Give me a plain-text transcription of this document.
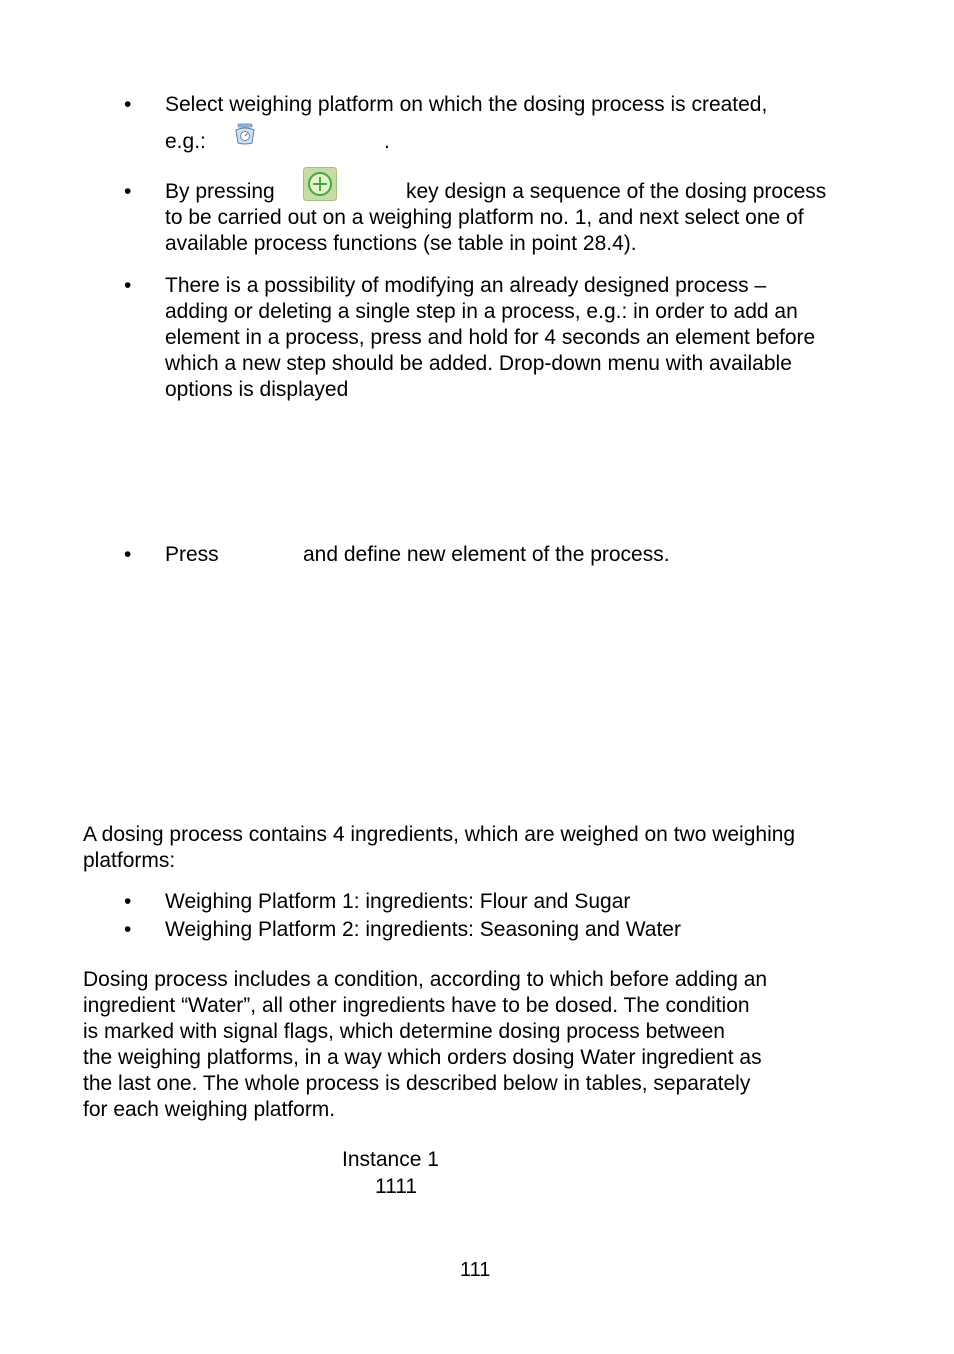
• Select weighing platform on which the dosing process is created,
e.g.:	.
• By pressing	key design a sequence of the dosing process
to be carried out on a weighing platform no. 1, and next select one of
available process functions (se table in point 28.4).
• There is a possibility of modifying an already designed process –
adding or deleting a single step in a process, e.g.: in order to add an
element in a process, press and hold for 4 seconds an element before
which a new step should be added. Drop-down menu with available
options is displayed
• Press	and define new element of the process.
A dosing process contains 4 ingredients, which are weighed on two weighing
platforms:
• Weighing Platform 1: ingredients: Flour and Sugar
• Weighing Platform 2: ingredients: Seasoning and Water
Dosing process includes a condition, according to which before adding an
ingredient “Water”, all other ingredients have to be dosed. The condition
is marked with signal flags, which determine dosing process between
the weighing platforms, in a way which orders dosing Water ingredient as
the last one. The whole process is described below in tables, separately
for each weighing platform.
Instance 1
1111
111
